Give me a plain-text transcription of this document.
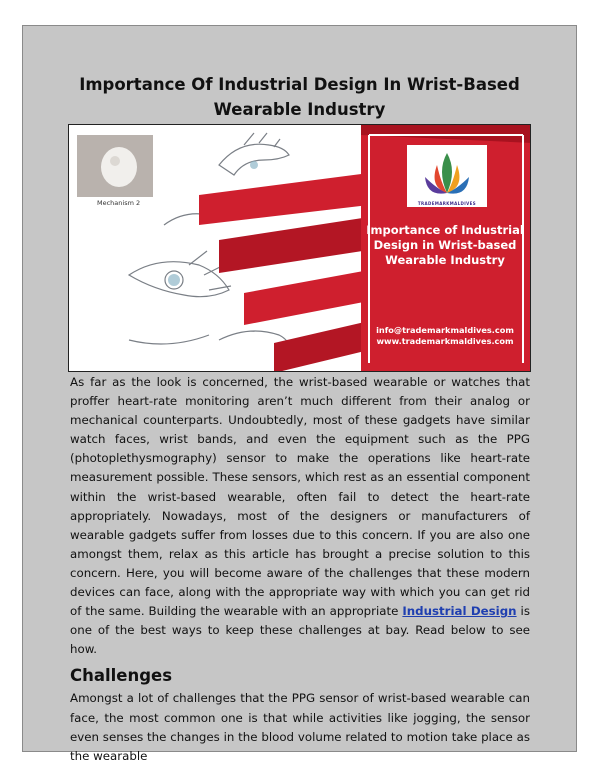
Importance Of Industrial Design In Wrist-Based
Wearable Industry
Mechanism 2	TRADEMARKMALDIVES
Importance of Industrial
Design in Wrist-based
Wearable Industry
info@trademarkmaldives.com
www.trademarkmaldives.com

As far as the look is concerned, the wrist-based wearable or watches that proffer heart-rate monitoring aren’t much different from their analog or mechanical counterparts. Undoubtedly, most of these gadgets have similar watch faces, wrist bands, and even the equipment such as the PPG (photoplethysmography) sensor to make the operations like heart-rate measurement possible. These sensors, which rest as an essential component within the wrist-based wearable, often fail to detect the heart-rate appropriately. Nowadays, most of the designers or manufacturers of wearable gadgets suffer from losses due to this concern. If you are also one amongst them, relax as this article has brought a precise solution to this concern. Here, you will become aware of the challenges that these modern devices can face, along with the appropriate way with which you can get rid of the same. Building the wearable with an appropriate Industrial Design is one of the best ways to keep these challenges at bay. Read below to see how.

Challenges

Amongst a lot of challenges that the PPG sensor of wrist-based wearable can face, the most common one is that while activities like jogging, the sensor even senses the changes in the blood volume related to motion take place as the wearable
